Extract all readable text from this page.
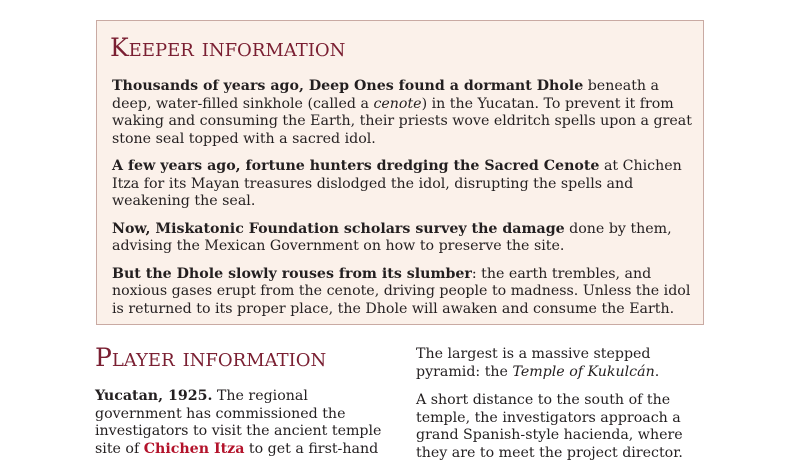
Keeper information

Thousands of years ago, Deep Ones found a dormant Dhole beneath a deep, water-filled sinkhole (called a cenote) in the Yucatan. To prevent it from waking and consuming the Earth, their priests wove eldritch spells upon a great stone seal topped with a sacred idol.

A few years ago, fortune hunters dredging the Sacred Cenote at Chichen Itza for its Mayan treasures dislodged the idol, disrupting the spells and weakening the seal.

Now, Miskatonic Foundation scholars survey the damage done by them, advising the Mexican Government on how to preserve the site.

But the Dhole slowly rouses from its slumber: the earth trembles, and noxious gases erupt from the cenote, driving people to madness. Unless the idol is returned to its proper place, the Dhole will awaken and consume the Earth.

Player information

Yucatan, 1925. The regional government has commissioned the investigators to visit the ancient temple site of Chichen Itza to get a first-hand

The largest is a massive stepped pyramid: the Temple of Kukulcán.

A short distance to the south of the temple, the investigators approach a grand Spanish-style hacienda, where they are to meet the project director.
